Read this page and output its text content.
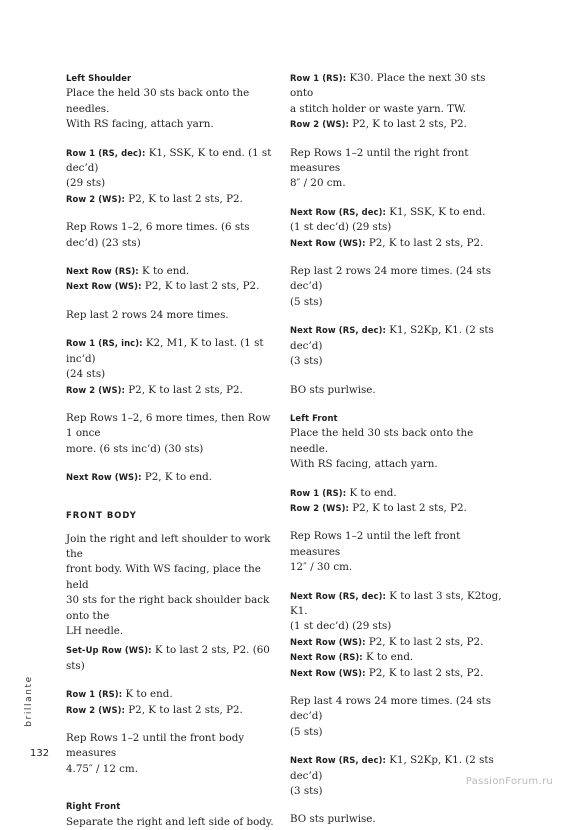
Left Shoulder
Place the held 30 sts back onto the needles.
With RS facing, attach yarn.

Row 1 (RS, dec): K1, SSK, K to end. (1 st dec’d)
(29 sts)
Row 2 (WS): P2, K to last 2 sts, P2.

Rep Rows 1–2, 6 more times. (6 sts dec’d) (23 sts)

Next Row (RS): K to end.
Next Row (WS): P2, K to last 2 sts, P2.

Rep last 2 rows 24 more times.

Row 1 (RS, inc): K2, M1, K to last. (1 st inc’d)
(24 sts)
Row 2 (WS): P2, K to last 2 sts, P2.

Rep Rows 1–2, 6 more times, then Row 1 once
more. (6 sts inc’d) (30 sts)

Next Row (WS): P2, K to end.

FRONT BODY

Join the right and left shoulder to work the
front body. With WS facing, place the held
30 sts for the right back shoulder back onto the
LH needle.

Set-Up Row (WS): K to last 2 sts, P2. (60 sts)

Row 1 (RS): K to end.
Row 2 (WS): P2, K to last 2 sts, P2.

Rep Rows 1–2 until the front body measures
4.75″ / 12 cm.

Right Front
Separate the right and left side of body.

Row 1 (RS): K30. Place the next 30 sts onto
a stitch holder or waste yarn. TW.
Row 2 (WS): P2, K to last 2 sts, P2.

Rep Rows 1–2 until the right front measures
8″ / 20 cm.

Next Row (RS, dec): K1, SSK, K to end.
(1 st dec’d) (29 sts)
Next Row (WS): P2, K to last 2 sts, P2.

Rep last 2 rows 24 more times. (24 sts dec’d)
(5 sts)

Next Row (RS, dec): K1, S2Kp, K1. (2 sts dec’d)
(3 sts)

BO sts purlwise.

Left Front
Place the held 30 sts back onto the needle.
With RS facing, attach yarn.

Row 1 (RS): K to end.
Row 2 (WS): P2, K to last 2 sts, P2.

Rep Rows 1–2 until the left front measures
12″ / 30 cm.

Next Row (RS, dec): K to last 3 sts, K2tog, K1.
(1 st dec’d) (29 sts)
Next Row (WS): P2, K to last 2 sts, P2.
Next Row (RS): K to end.
Next Row (WS): P2, K to last 2 sts, P2.

Rep last 4 rows 24 more times. (24 sts dec’d)
(5 sts)

Next Row (RS, dec): K1, S2Kp, K1. (2 sts dec’d)
(3 sts)

BO sts purlwise.

brillante
132
PassionForum.ru
